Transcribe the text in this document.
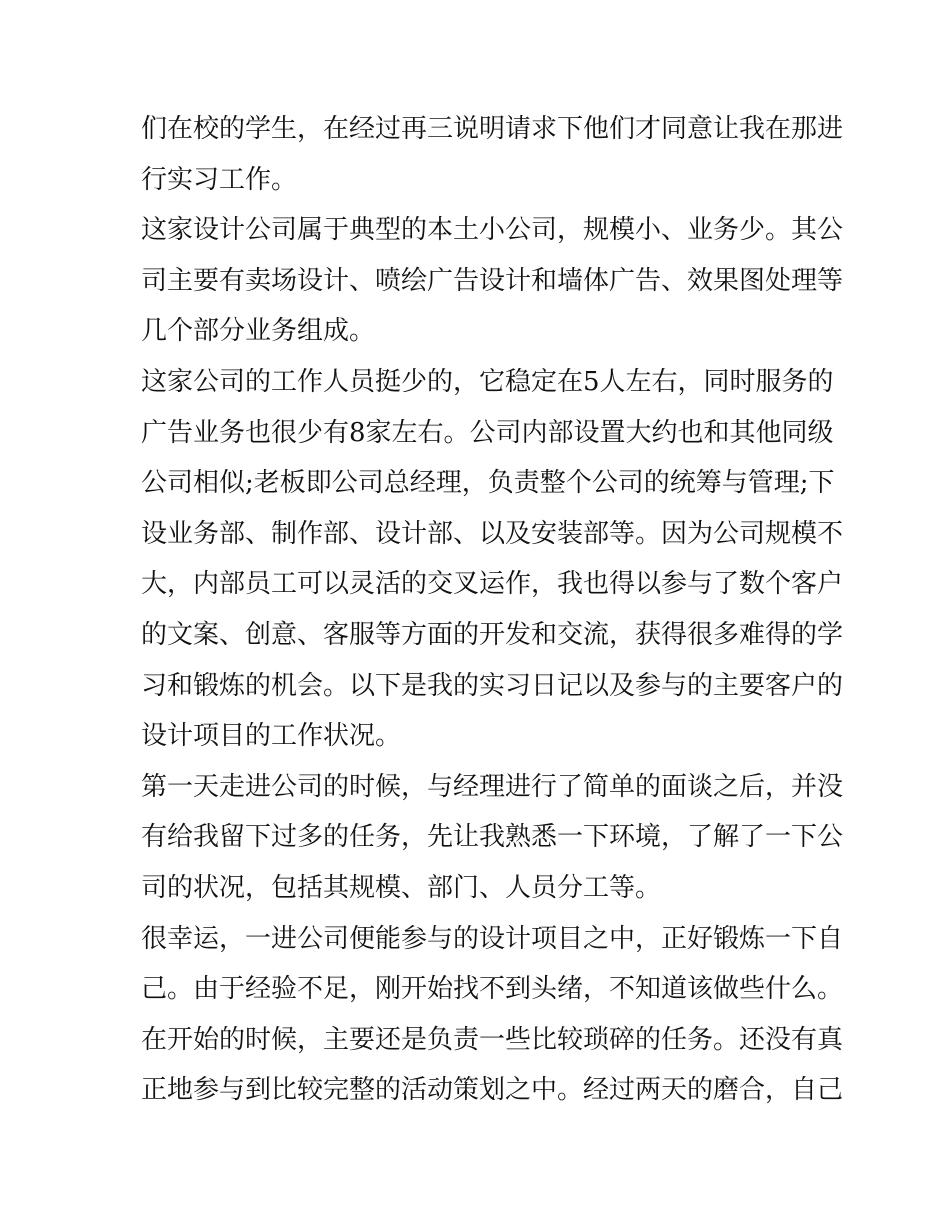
们在校的学生，在经过再三说明请求下他们才同意让我在那进
行实习工作。
这家设计公司属于典型的本土小公司，规模小、业务少。其公
司主要有卖场设计、喷绘广告设计和墙体广告、效果图处理等
几个部分业务组成。
这家公司的工作人员挺少的，它稳定在5人左右，同时服务的
广告业务也很少有8家左右。公司内部设置大约也和其他同级
公司相似;老板即公司总经理，负责整个公司的统筹与管理;下
设业务部、制作部、设计部、以及安装部等。因为公司规模不
大，内部员工可以灵活的交叉运作，我也得以参与了数个客户
的文案、创意、客服等方面的开发和交流，获得很多难得的学
习和锻炼的机会。以下是我的实习日记以及参与的主要客户的
设计项目的工作状况。
第一天走进公司的时候，与经理进行了简单的面谈之后，并没
有给我留下过多的任务，先让我熟悉一下环境，了解了一下公
司的状况，包括其规模、部门、人员分工等。
很幸运，一进公司便能参与的设计项目之中，正好锻炼一下自
己。由于经验不足，刚开始找不到头绪，不知道该做些什么。
在开始的时候，主要还是负责一些比较琐碎的任务。还没有真
正地参与到比较完整的活动策划之中。经过两天的磨合，自己
